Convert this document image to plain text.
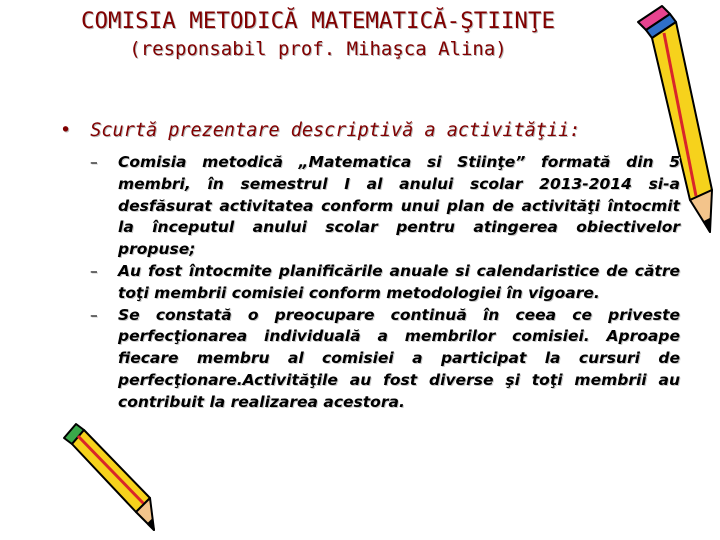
COMISIA METODICĂ MATEMATICĂ-ŞTIINŢE
(responsabil prof. Mihaşca Alina)
• Scurtă prezentare descriptivă a activităţii:
– Comisia metodică „Matematica si Stiinţe” formată din 5 membri, în semestrul I al anului scolar 2013-2014 si-a desfăsurat activitatea conform unui plan de activităţi întocmit la începutul anului scolar pentru atingerea obiectivelor propuse;
– Au fost întocmite planificările anuale si calendaristice de către toţi membrii comisiei conform metodologiei în vigoare.
– Se constată o preocupare continuă în ceea ce priveste perfecţionarea individuală a membrilor comisiei. Aproape fiecare membru al comisiei a participat la cursuri de perfecţionare.Activităţile au fost diverse şi toţi membrii au contribuit la realizarea acestora.
